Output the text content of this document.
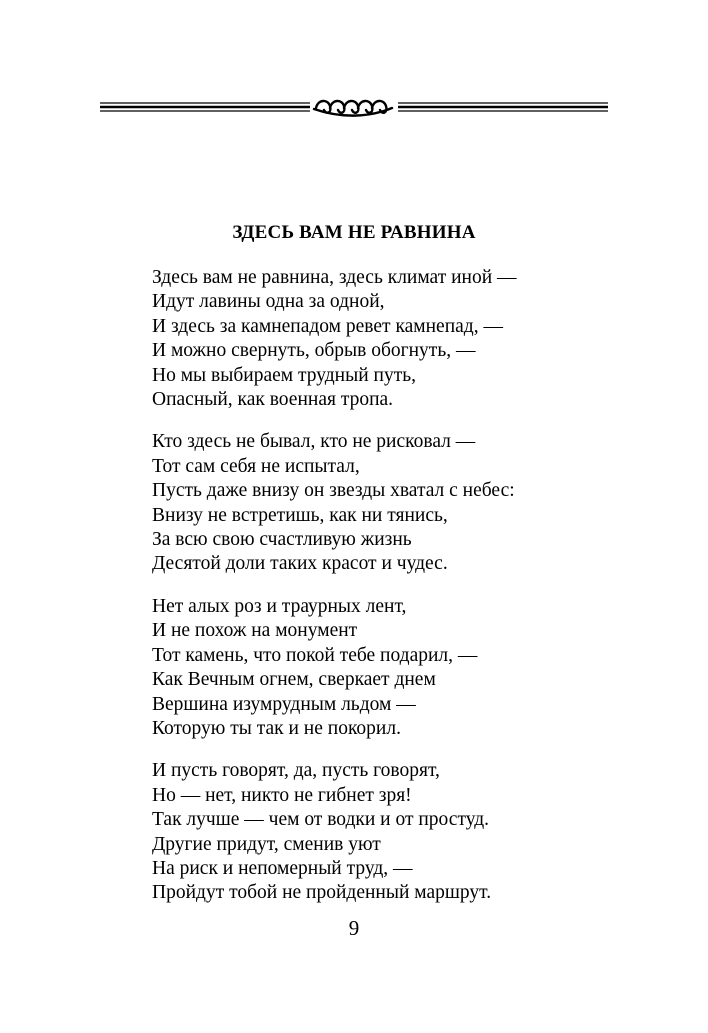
ЗДЕСЬ ВАМ НЕ РАВНИНА
Здесь вам не равнина, здесь климат иной —
Идут лавины одна за одной,
И здесь за камнепадом ревет камнепад, —
И можно свернуть, обрыв обогнуть, —
Но мы выбираем трудный путь,
Опасный, как военная тропа.
Кто здесь не бывал, кто не рисковал —
Тот сам себя не испытал,
Пусть даже внизу он звезды хватал с небес:
Внизу не встретишь, как ни тянись,
За всю свою счастливую жизнь
Десятой доли таких красот и чудес.
Нет алых роз и траурных лент,
И не похож на монумент
Тот камень, что покой тебе подарил, —
Как Вечным огнем, сверкает днем
Вершина изумрудным льдом —
Которую ты так и не покорил.
И пусть говорят, да, пусть говорят,
Но — нет, никто не гибнет зря!
Так лучше — чем от водки и от простуд.
Другие придут, сменив уют
На риск и непомерный труд, —
Пройдут тобой не пройденный маршрут.

9
